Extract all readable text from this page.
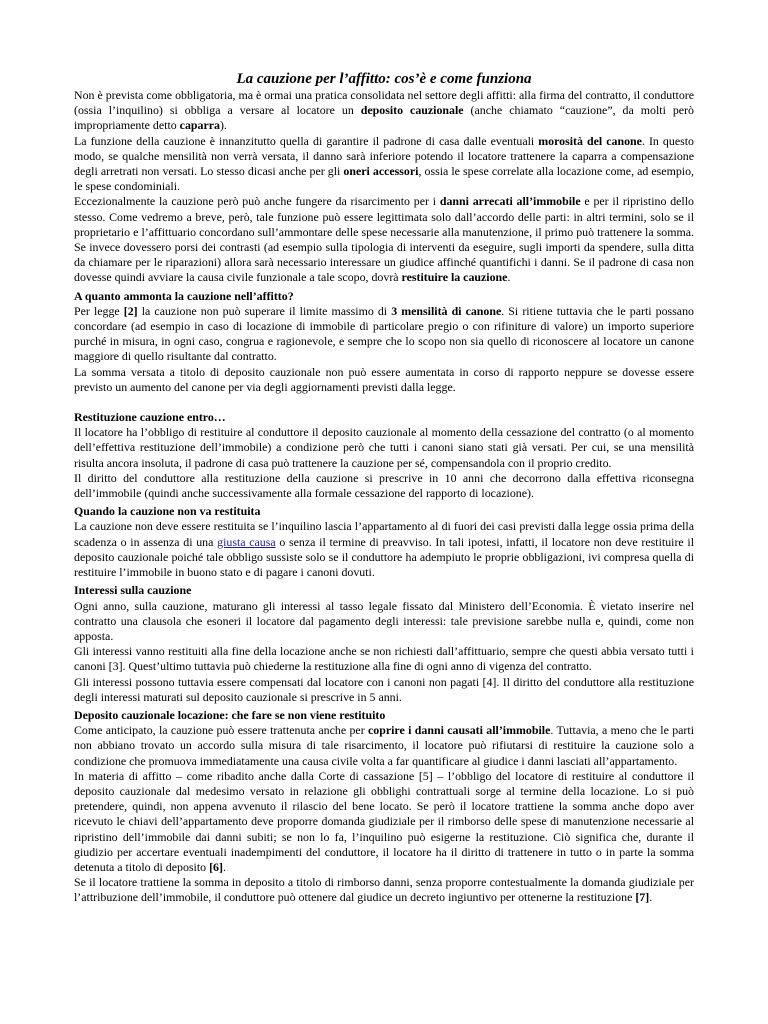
La cauzione per l’affitto: cos’è e come funziona

Non è prevista come obbligatoria, ma è ormai una pratica consolidata nel settore degli affitti: alla firma del contratto, il conduttore (ossia l’inquilino) si obbliga a versare al locatore un deposito cauzionale (anche chiamato “cauzione”, da molti però impropriamente detto caparra).

La funzione della cauzione è innanzitutto quella di garantire il padrone di casa dalle eventuali morosità del canone. In questo modo, se qualche mensilità non verrà versata, il danno sarà inferiore potendo il locatore trattenere la caparra a compensazione degli arretrati non versati. Lo stesso dicasi anche per gli oneri accessori, ossia le spese correlate alla locazione come, ad esempio, le spese condominiali.

Eccezionalmente la cauzione però può anche fungere da risarcimento per i danni arrecati all’immobile e per il ripristino dello stesso. Come vedremo a breve, però, tale funzione può essere legittimata solo dall’accordo delle parti: in altri termini, solo se il proprietario e l’affittuario concordano sull’ammontare delle spese necessarie alla manutenzione, il primo può trattenere la somma. Se invece dovessero porsi dei contrasti (ad esempio sulla tipologia di interventi da eseguire, sugli importi da spendere, sulla ditta da chiamare per le riparazioni) allora sarà necessario interessare un giudice affinché quantifichi i danni. Se il padrone di casa non dovesse quindi avviare la causa civile funzionale a tale scopo, dovrà restituire la cauzione.

A quanto ammonta la cauzione nell’affitto?

Per legge [2] la cauzione non può superare il limite massimo di 3 mensilità di canone. Si ritiene tuttavia che le parti possano concordare (ad esempio in caso di locazione di immobile di particolare pregio o con rifiniture di valore) un importo superiore purché in misura, in ogni caso, congrua e ragionevole, e sempre che lo scopo non sia quello di riconoscere al locatore un canone maggiore di quello risultante dal contratto.

La somma versata a titolo di deposito cauzionale non può essere aumentata in corso di rapporto neppure se dovesse essere previsto un aumento del canone per via degli aggiornamenti previsti dalla legge.

Restituzione cauzione entro…

Il locatore ha l’obbligo di restituire al conduttore il deposito cauzionale al momento della cessazione del contratto (o al momento dell’effettiva restituzione dell’immobile) a condizione però che tutti i canoni siano stati già versati. Per cui, se una mensilità risulta ancora insoluta, il padrone di casa può trattenere la cauzione per sé, compensandola con il proprio credito.

Il diritto del conduttore alla restituzione della cauzione si prescrive in 10 anni che decorrono dalla effettiva riconsegna dell’immobile (quindi anche successivamente alla formale cessazione del rapporto di locazione).

Quando la cauzione non va restituita

La cauzione non deve essere restituita se l’inquilino lascia l’appartamento al di fuori dei casi previsti dalla legge ossia prima della scadenza o in assenza di una giusta causa o senza il termine di preavviso. In tali ipotesi, infatti, il locatore non deve restituire il deposito cauzionale poiché tale obbligo sussiste solo se il conduttore ha adempiuto le proprie obbligazioni, ivi compresa quella di restituire l’immobile in buono stato e di pagare i canoni dovuti.

Interessi sulla cauzione

Ogni anno, sulla cauzione, maturano gli interessi al tasso legale fissato dal Ministero dell’Economia. È vietato inserire nel contratto una clausola che esoneri il locatore dal pagamento degli interessi: tale previsione sarebbe nulla e, quindi, come non apposta.

Gli interessi vanno restituiti alla fine della locazione anche se non richiesti dall’affittuario, sempre che questi abbia versato tutti i canoni [3]. Quest’ultimo tuttavia può chiederne la restituzione alla fine di ogni anno di vigenza del contratto.

Gli interessi possono tuttavia essere compensati dal locatore con i canoni non pagati [4]. Il diritto del conduttore alla restituzione degli interessi maturati sul deposito cauzionale si prescrive in 5 anni.

Deposito cauzionale locazione: che fare se non viene restituito

Come anticipato, la cauzione può essere trattenuta anche per coprire i danni causati all’immobile. Tuttavia, a meno che le parti non abbiano trovato un accordo sulla misura di tale risarcimento, il locatore può rifiutarsi di restituire la cauzione solo a condizione che promuova immediatamente una causa civile volta a far quantificare al giudice i danni lasciati all’appartamento.

In materia di affitto – come ribadito anche dalla Corte di cassazione [5] – l’obbligo del locatore di restituire al conduttore il deposito cauzionale dal medesimo versato in relazione gli obblighi contrattuali sorge al termine della locazione. Lo si può pretendere, quindi, non appena avvenuto il rilascio del bene locato. Se però il locatore trattiene la somma anche dopo aver ricevuto le chiavi dell’appartamento deve proporre domanda giudiziale per il rimborso delle spese di manutenzione necessarie al ripristino dell’immobile dai danni subiti; se non lo fa, l’inquilino può esigerne la restituzione. Ciò significa che, durante il giudizio per accertare eventuali inadempimenti del conduttore, il locatore ha il diritto di trattenere in tutto o in parte la somma detenuta a titolo di deposito [6].

Se il locatore trattiene la somma in deposito a titolo di rimborso danni, senza proporre contestualmente la domanda giudiziale per l’attribuzione dell’immobile, il conduttore può ottenere dal giudice un decreto ingiuntivo per ottenerne la restituzione [7].
